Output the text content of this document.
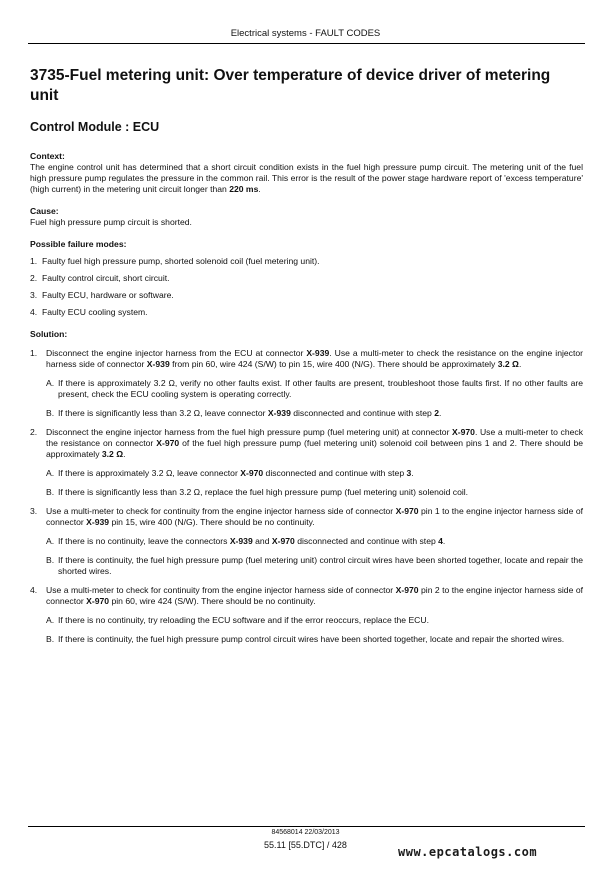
Electrical systems - FAULT CODES
3735-Fuel metering unit: Over temperature of device driver of metering unit
Control Module : ECU

Context:

The engine control unit has determined that a short circuit condition exists in the fuel high pressure pump circuit. The metering unit of the fuel high pressure pump regulates the pressure in the common rail. This error is the result of the power stage hardware report of 'excess temperature' (high current) in the metering unit circuit longer than 220 ms.

Cause:

Fuel high pressure pump circuit is shorted.

Possible failure modes:

1. Faulty fuel high pressure pump, shorted solenoid coil (fuel metering unit).
2. Faulty control circuit, short circuit.
3. Faulty ECU, hardware or software.
4. Faulty ECU cooling system.

Solution:

1. Disconnect the engine injector harness from the ECU at connector X-939. Use a multi-meter to check the resistance on the engine injector harness side of connector X-939 from pin 60, wire 424 (S/W) to pin 15, wire 400 (N/G). There should be approximately 3.2 Ω.
A. If there is approximately 3.2 Ω, verify no other faults exist. If other faults are present, troubleshoot those faults first. If no other faults are present, check the ECU cooling system is operating correctly.
B. If there is significantly less than 3.2 Ω, leave connector X-939 disconnected and continue with step 2.
2. Disconnect the engine injector harness from the fuel high pressure pump (fuel metering unit) at connector X-970. Use a multi-meter to check the resistance on connector X-970 of the fuel high pressure pump (fuel metering unit) solenoid coil between pins 1 and 2. There should be approximately 3.2 Ω.
A. If there is approximately 3.2 Ω, leave connector X-970 disconnected and continue with step 3.
B. If there is significantly less than 3.2 Ω, replace the fuel high pressure pump (fuel metering unit) solenoid coil.
3. Use a multi-meter to check for continuity from the engine injector harness side of connector X-970 pin 1 to the engine injector harness side of connector X-939 pin 15, wire 400 (N/G). There should be no continuity.
A. If there is no continuity, leave the connectors X-939 and X-970 disconnected and continue with step 4.
B. If there is continuity, the fuel high pressure pump (fuel metering unit) control circuit wires have been shorted together, locate and repair the shorted wires.
4. Use a multi-meter to check for continuity from the engine injector harness side of connector X-970 pin 2 to the engine injector harness side of connector X-970 pin 60, wire 424 (S/W). There should be no continuity.
A. If there is no continuity, try reloading the ECU software and if the error reoccurs, replace the ECU.
B. If there is continuity, the fuel high pressure pump control circuit wires have been shorted together, locate and repair the shorted wires.
84568014 22/03/2013
55.11 [55.DTC] / 428	www.epcatalogs.com
